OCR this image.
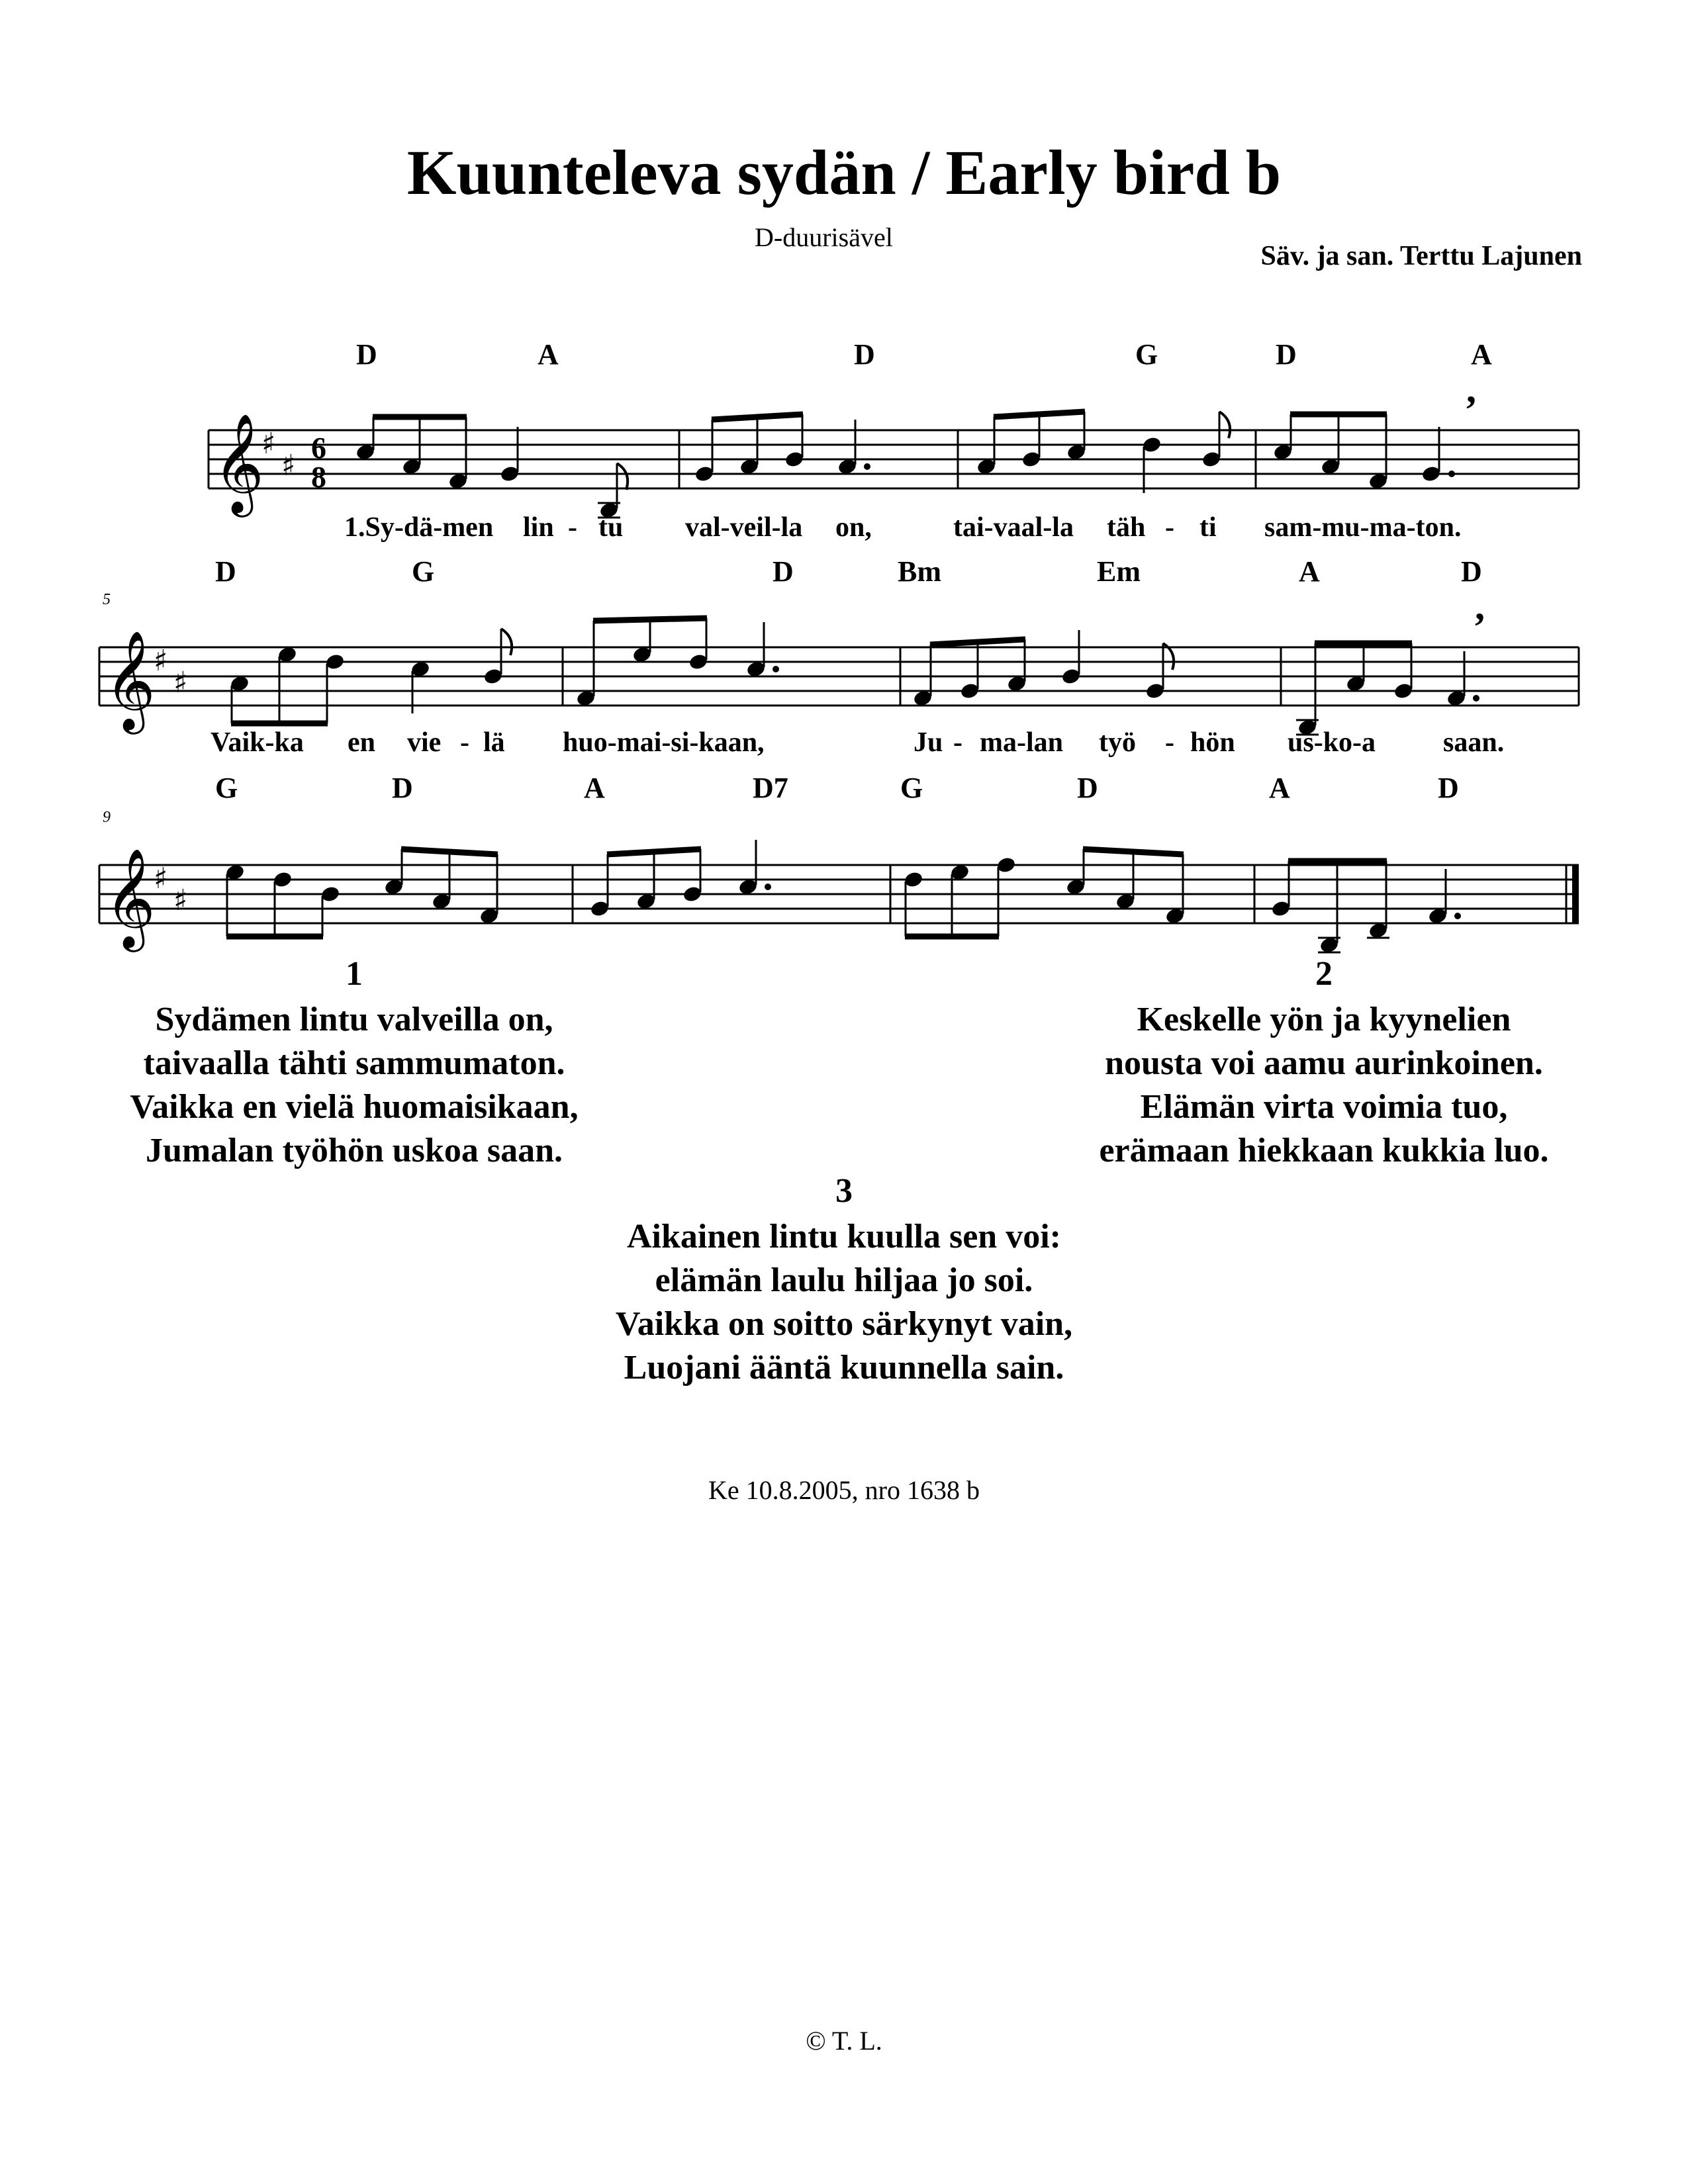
Kuunteleva sydän / Early bird b
D-duurisävel
Säv. ja san. Terttu Lajunen
D	A	D	G	D	A
𝄞
♯
♯
6
8
,
1.Sy-dä-men lin - tu val-veil-la on,	tai-vaal-la täh - ti sam-mu-ma-ton.
D	G	D	Bm	Em	A	D
5
𝄞
♯
♯
,
Vaik-ka en vie - lä huo-mai-si-kaan,	Ju - ma-lan työ - hön us-ko-a saan.
G	D	A	D7	G	D	A	D
9
𝄞
♯
♯
1
Sydämen lintu valveilla on,
taivaalla tähti sammumaton.
Vaikka en vielä huomaisikaan,
Jumalan työhön uskoa saan.
2
Keskelle yön ja kyynelien
nousta voi aamu aurinkoinen.
Elämän virta voimia tuo,
erämaan hiekkaan kukkia luo.
3
Aikainen lintu kuulla sen voi:
elämän laulu hiljaa jo soi.
Vaikka on soitto särkynyt vain,
Luojani ääntä kuunnella sain.
Ke 10.8.2005, nro 1638 b
© T. L.
